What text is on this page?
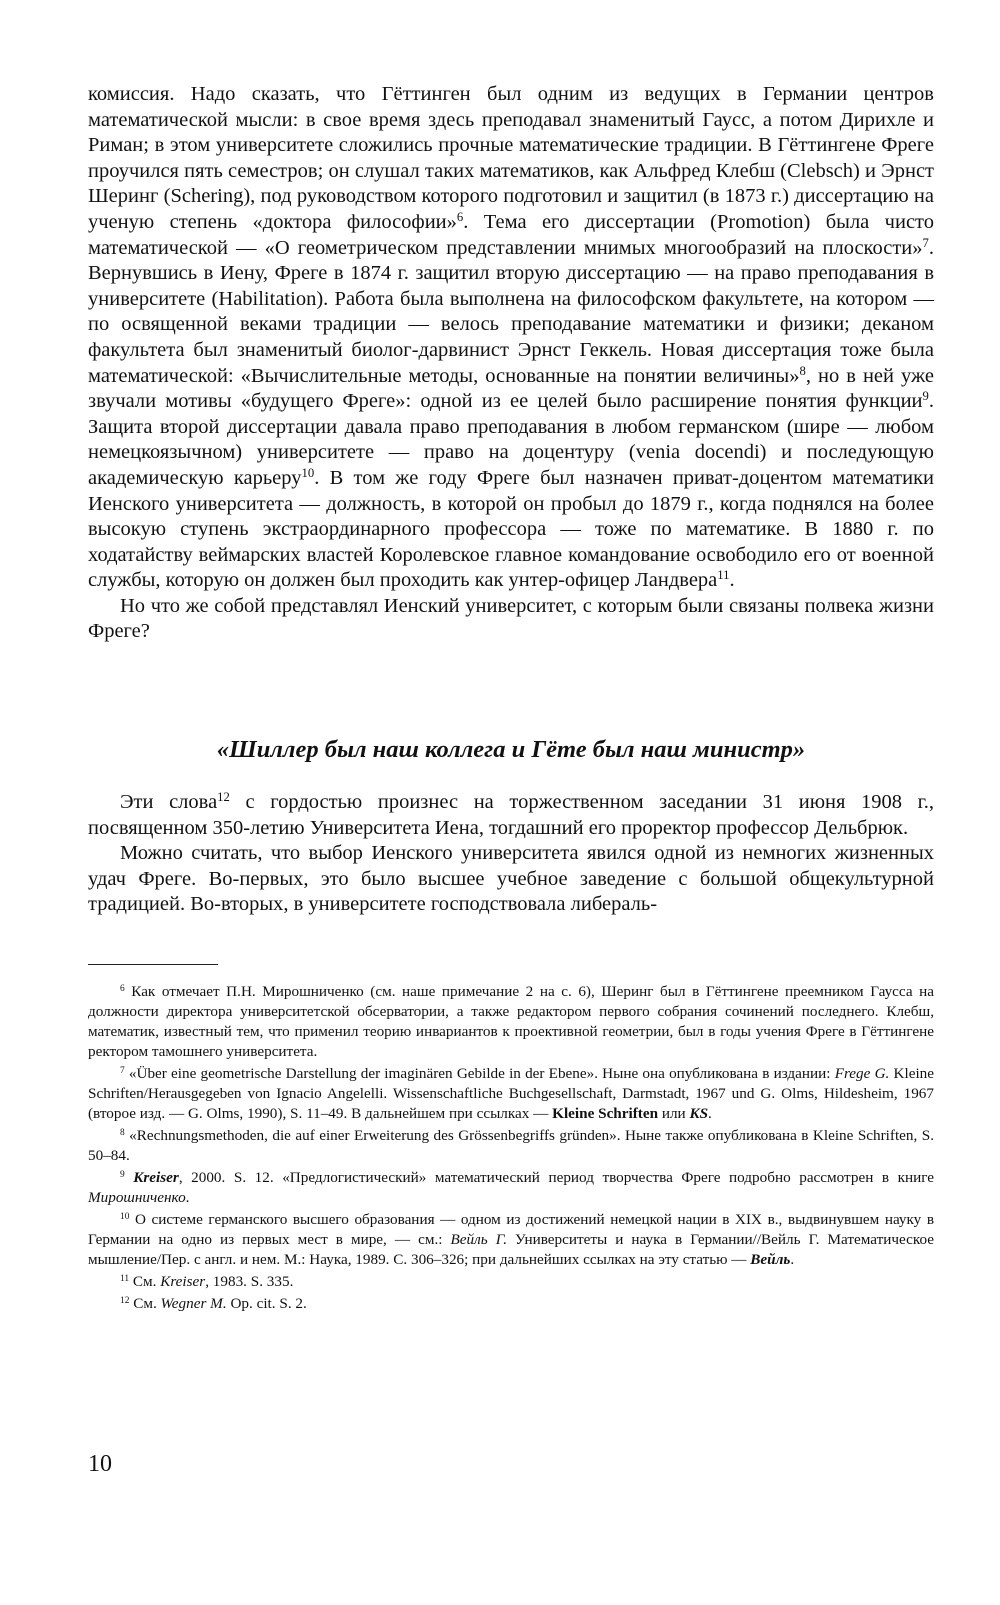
комиссия. Надо сказать, что Гёттинген был одним из ведущих в Германии центров математической мысли: в свое время здесь преподавал знаменитый Гаусс, а потом Дирихле и Риман; в этом университете сложились прочные математические традиции. В Гёттингене Фреге проучился пять семестров; он слушал таких математиков, как Альфред Клебш (Clebsch) и Эрнст Шеринг (Schering), под руководством которого подготовил и защитил (в 1873 г.) диссертацию на ученую степень «доктора философии»$^6$. Тема его диссертации (Promotion) была чисто математической — «О геометрическом представлении мнимых многообразий на плоскости»$^7$. Вернувшись в Иену, Фреге в 1874 г. защитил вторую диссертацию — на право преподавания в университете (Habilitation). Работа была выполнена на философском факультете, на котором — по освященной веками традиции — велось преподавание математики и физики; деканом факультета был знаменитый биолог-дарвинист Эрнст Геккель. Новая диссертация тоже была математической: «Вычислительные методы, основанные на понятии величины»$^8$, но в ней уже звучали мотивы «будущего Фреге»: одной из ее целей было расширение понятия функции$^9$. Защита второй диссертации давала право преподавания в любом германском (шире — любом немецкоязычном) университете — право на доцентуру (venia docendi) и последующую академическую карьеру$^{10}$. В том же году Фреге был назначен приват-доцентом математики Иенского университета — должность, в которой он пробыл до 1879 г., когда поднялся на более высокую ступень экстраординарного профессора — тоже по математике. В 1880 г. по ходатайству веймарских властей Королевское главное командование освободило его от военной службы, которую он должен был проходить как унтер-офицер Ландвера$^{11}$.

Но что же собой представлял Иенский университет, с которым были связаны полвека жизни Фреге?

«Шиллер был наш коллега и Гёте был наш министр»

Эти слова$^{12}$ с гордостью произнес на торжественном заседании 31 июня 1908 г., посвященном 350-летию Университета Иена, тогдашний его проректор профессор Дельбрюк.

Можно считать, что выбор Иенского университета явился одной из немногих жизненных удач Фреге. Во-первых, это было высшее учебное заведение с большой общекультурной традицией. Во-вторых, в университете господствовала либераль-

$^6$ Как отмечает П.Н. Мирошниченко (см. наше примечание 2 на с. 6), Шеринг был в Гёттингене преемником Гаусса на должности директора университетской обсерватории, а также редактором первого собрания сочинений последнего. Клебш, математик, известный тем, что применил теорию инвариантов к проективной геометрии, был в годы учения Фреге в Гёттингене ректором тамошнего университета.

$^7$ «Über eine geometrische Darstellung der imaginären Gebilde in der Ebene». Ныне она опубликована в издании: Frege G. Kleine Schriften/Herausgegeben von Ignacio Angelelli. Wissenschaftliche Buchgesellschaft, Darmstadt, 1967 und G. Olms, Hildesheim, 1967 (второе изд. — G. Olms, 1990), S. 11–49. В дальнейшем при ссылках — Kleine Schriften или KS.

$^8$ «Rechnungsmethoden, die auf einer Erweiterung des Grössenbegriffs gründen». Ныне также опубликована в Kleine Schriften, S. 50–84.

$^9$ Kreiser, 2000. S. 12. «Предлогистический» математический период творчества Фреге подробно рассмотрен в книге Мирошниченко.

$^{10}$ О системе германского высшего образования — одном из достижений немецкой нации в XIX в., выдвинувшем науку в Германии на одно из первых мест в мире, — см.: Вейль Г. Университеты и наука в Германии//Вейль Г. Математическое мышление/Пер. с англ. и нем. М.: Наука, 1989. С. 306–326; при дальнейших ссылках на эту статью — Вейль.

$^{11}$ См. Kreiser, 1983. S. 335.

$^{12}$ См. Wegner M. Op. cit. S. 2.

10
